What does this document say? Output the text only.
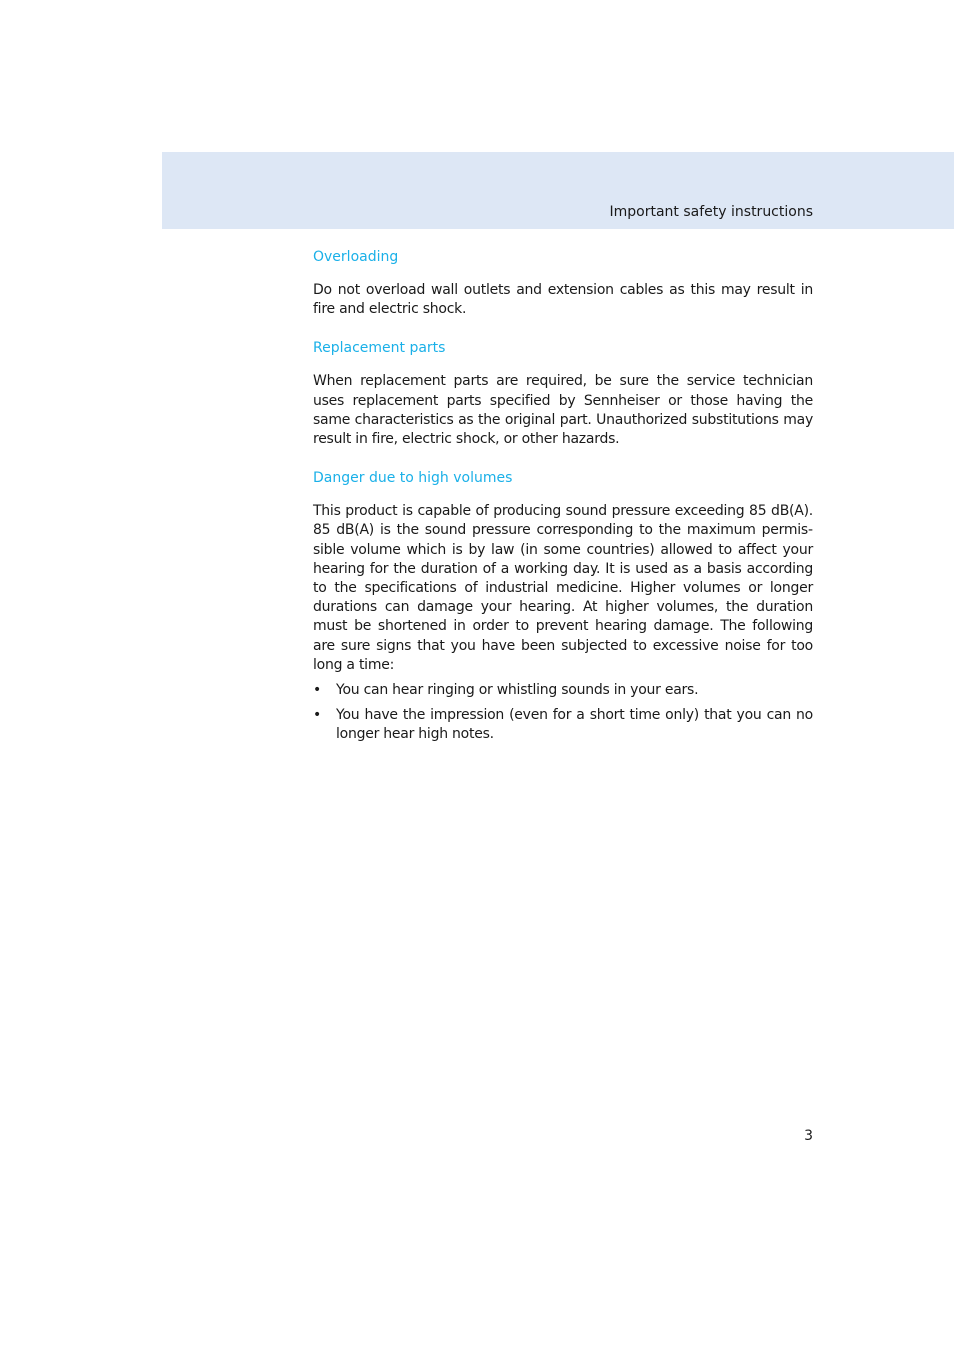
Important safety instructions
Overloading

Do not overload wall outlets and extension cables as this may result in fire and electric shock.

Replacement parts

When replacement parts are required, be sure the service technician uses replacement parts specified by Sennheiser or those having the same characteristics as the original part. Unauthorized substitutions may result in fire, electric shock, or other hazards.

Danger due to high volumes

This product is capable of producing sound pressure exceeding 85 dB(A). 85 dB(A) is the sound pressure corresponding to the maximum permissible volume which is by law (in some countries) allowed to affect your hearing for the duration of a working day. It is used as a basis according to the specifications of industrial medicine. Higher volumes or longer durations can damage your hearing. At higher volumes, the duration must be shortened in order to prevent hearing damage. The following are sure signs that you have been subjected to excessive noise for too long a time:

• You can hear ringing or whistling sounds in your ears.
• You have the impression (even for a short time only) that you can no longer hear high notes.
3
